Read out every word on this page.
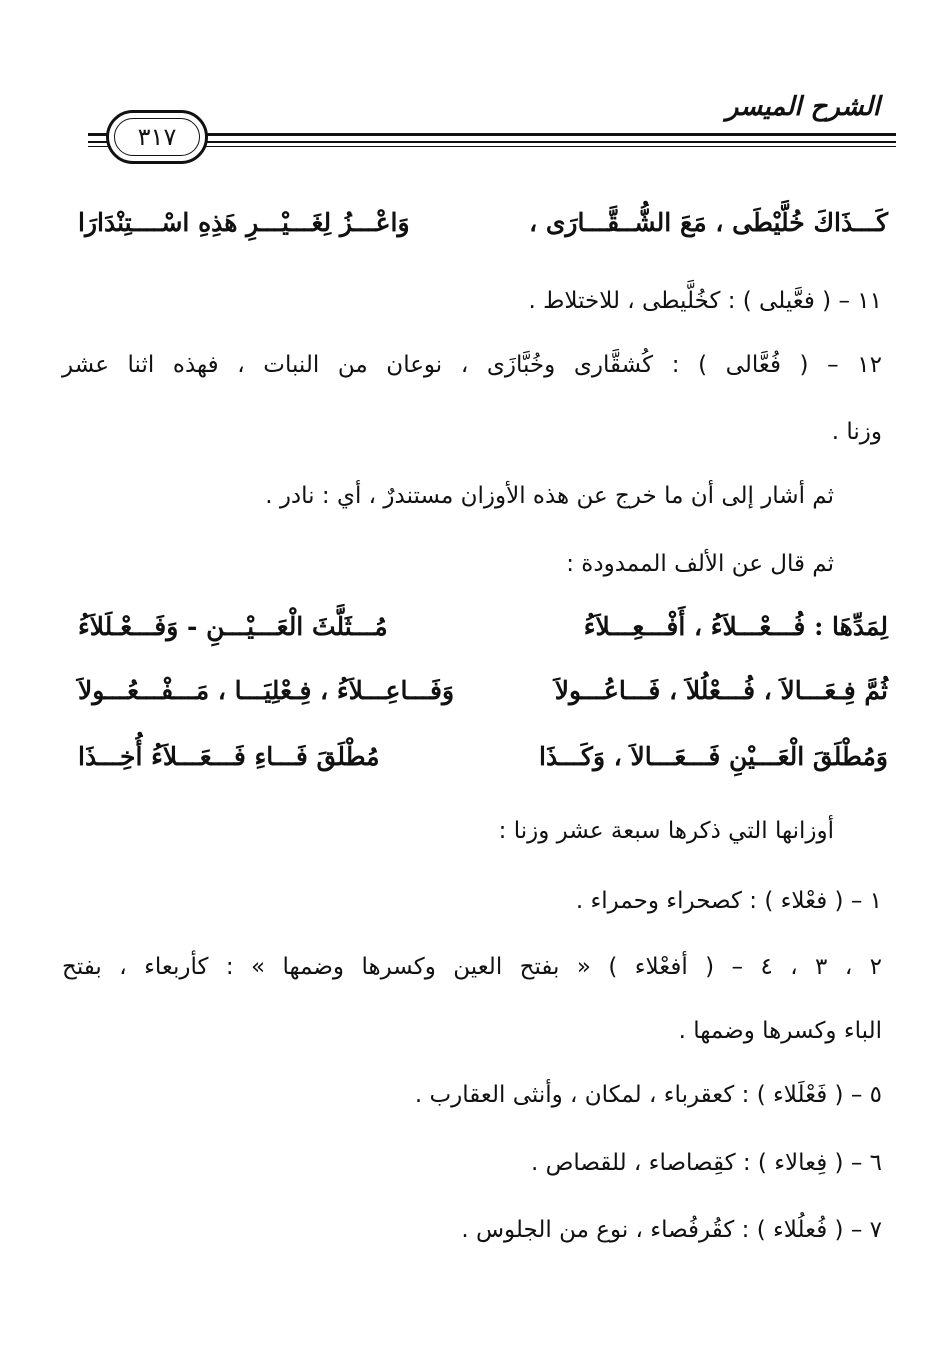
الشرح الميسر
٣١٧
كَـــذَاكَ خُلَّيْطَى ، مَعَ الشُّــقَّـــارَى ،
وَاعْـــزُ لِغَـــيْـــرِ هَذِهِ اسْــــتِنْدَارَا
١١ – ( فعَّيلى ) : كخُلَّيطى ، للاختلاط .
١٢ – ( فُعَّالى ) : كُشقَّارى وخُبَّازَى ، نوعان من النبات ، فهذه اثنا عشر
وزنا .
ثم أشار إلى أن ما خرج عن هذه الأوزان مستندرٌ ، أي : نادر .
ثم قال عن الألف الممدودة :
لِمَدِّهَا : فُـــعْـــلاَءُ ، أَفْـــعِـــلاَءُ
مُـــثَلَّثَ الْعَـــيْـــنِ - وَفَـــعْـلَلاَءُ
ثُمَّ فِـعَـــالاَ ، فُـــعْلُلاَ ، فَـــاعُـــولاَ
وَفَـــاعِـــلاَءُ ، فِـعْلِيَـــا ، مَـــفْـــعُـــولاَ
وَمُطْلَقَ الْعَـــيْنِ فَـــعَـــالاَ ، وَكَـــذَا
مُطْلَقَ فَـــاءِ فَـــعَـــلاَءُ أُخِـــذَا
أوزانها التي ذكرها سبعة عشر وزنا :
١ – ( فعْلاء ) : كصحراء وحمراء .
٢ ، ٣ ، ٤ – ( أفعْلاء ) « بفتح العين وكسرها وضمها » : كأربعاء ، بفتح
الباء وكسرها وضمها .
٥ – ( فَعْلَلاء ) : كعقرباء ، لمكان ، وأنثى العقارب .
٦ – ( فِعالاء ) : كقِصاصاء ، للقصاص .
٧ – ( فُعلُلاء ) : كقُرفُصاء ، نوع من الجلوس .
